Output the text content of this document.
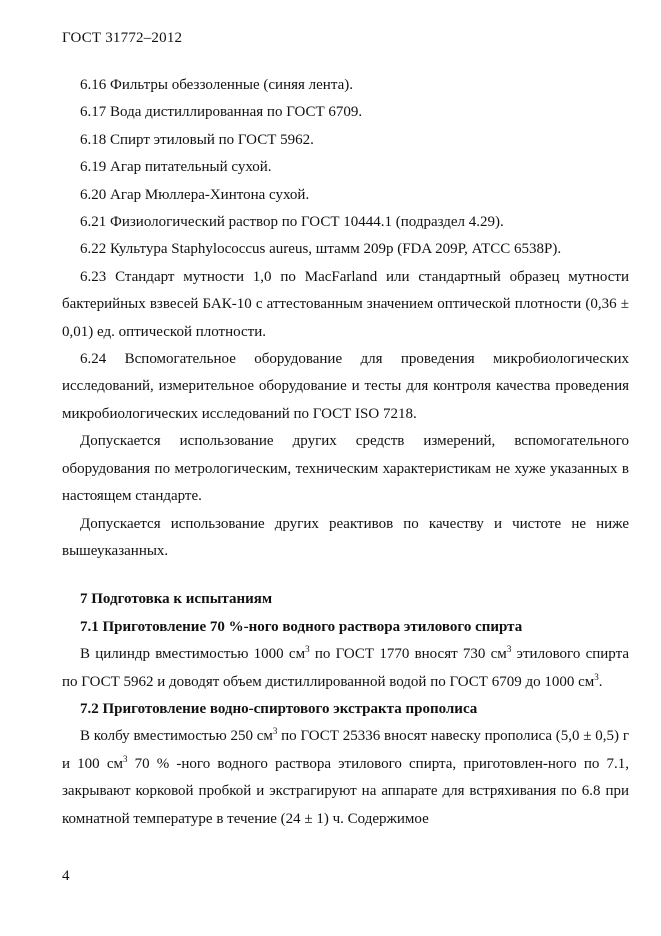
ГОСТ 31772–2012

6.16 Фильтры обеззоленные (синяя лента).

6.17 Вода дистиллированная по ГОСТ 6709.

6.18 Спирт этиловый по ГОСТ 5962.

6.19 Агар питательный сухой.

6.20 Агар Мюллера-Хинтона сухой.

6.21 Физиологический раствор по ГОСТ 10444.1 (подраздел 4.29).

6.22 Культура Staphylococcus aureus, штамм 209р (FDA 209Р, АТСС 6538Р).

6.23 Стандарт мутности 1,0 по MacFarland или стандартный образец мутности бактерийных взвесей БАК-10 с аттестованным значением оптической плотности (0,36 ± 0,01) ед. оптической плотности.

6.24 Вспомогательное оборудование для проведения микробиологических исследований, измерительное оборудование и тесты для контроля качества проведения микробиологических исследований по ГОСТ ISO 7218.

Допускается использование других средств измерений, вспомогательного оборудования по метрологическим, техническим характеристикам не хуже указанных в настоящем стандарте.

Допускается использование других реактивов по качеству и чистоте не ниже вышеуказанных.

7 Подготовка к испытаниям

7.1 Приготовление 70 %-ного водного раствора этилового спирта

В цилиндр вместимостью 1000 $см^3$ по ГОСТ 1770 вносят 730 $см^3$ этилового спирта по ГОСТ 5962 и доводят объем дистиллированной водой по ГОСТ 6709 до 1000 $см^3$.

7.2 Приготовление водно-спиртового экстракта прополиса

В колбу вместимостью 250 $см^3$ по ГОСТ 25336 вносят навеску прополиса (5,0 ± 0,5) г и 100 $см^3$ 70 % -ного водного раствора этилового спирта, приготовлен-ного по 7.1, закрывают корковой пробкой и экстрагируют на аппарате для встряхивания по 6.8 при комнатной температуре в течение (24 ± 1) ч. Содержимое

4
